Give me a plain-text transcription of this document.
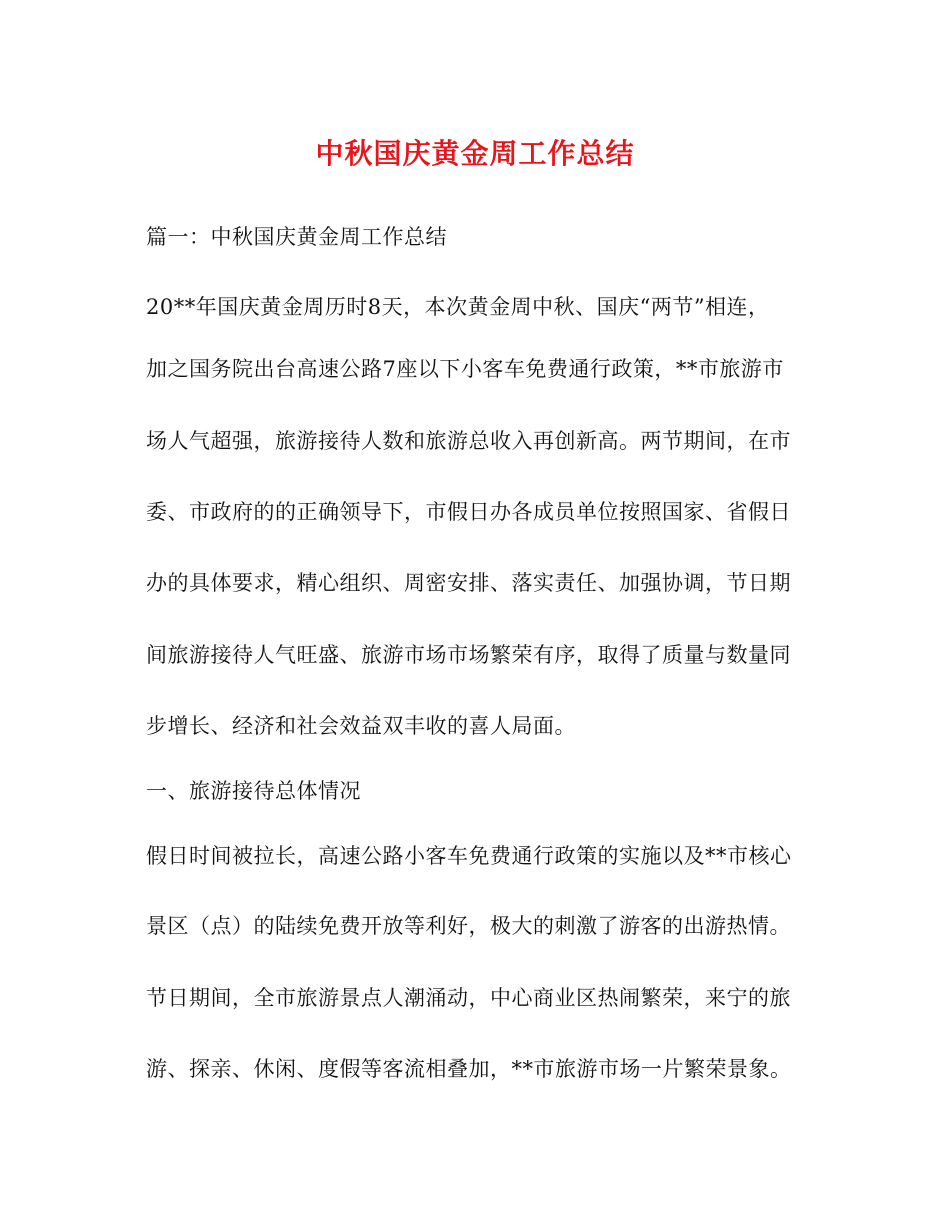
中秋国庆黄金周工作总结
篇一：中秋国庆黄金周工作总结
20**年国庆黄金周历时8天，本次黄金周中秋、国庆“两节”相连，
加之国务院出台高速公路7座以下小客车免费通行政策，**市旅游市
场人气超强，旅游接待人数和旅游总收入再创新高。两节期间，在市
委、市政府的的正确领导下，市假日办各成员单位按照国家、省假日
办的具体要求，精心组织、周密安排、落实责任、加强协调，节日期
间旅游接待人气旺盛、旅游市场市场繁荣有序，取得了质量与数量同
步增长、经济和社会效益双丰收的喜人局面。
一、旅游接待总体情况
假日时间被拉长，高速公路小客车免费通行政策的实施以及**市核心
景区（点）的陆续免费开放等利好，极大的刺激了游客的出游热情。
节日期间，全市旅游景点人潮涌动，中心商业区热闹繁荣，来宁的旅
游、探亲、休闲、度假等客流相叠加，**市旅游市场一片繁荣景象。
